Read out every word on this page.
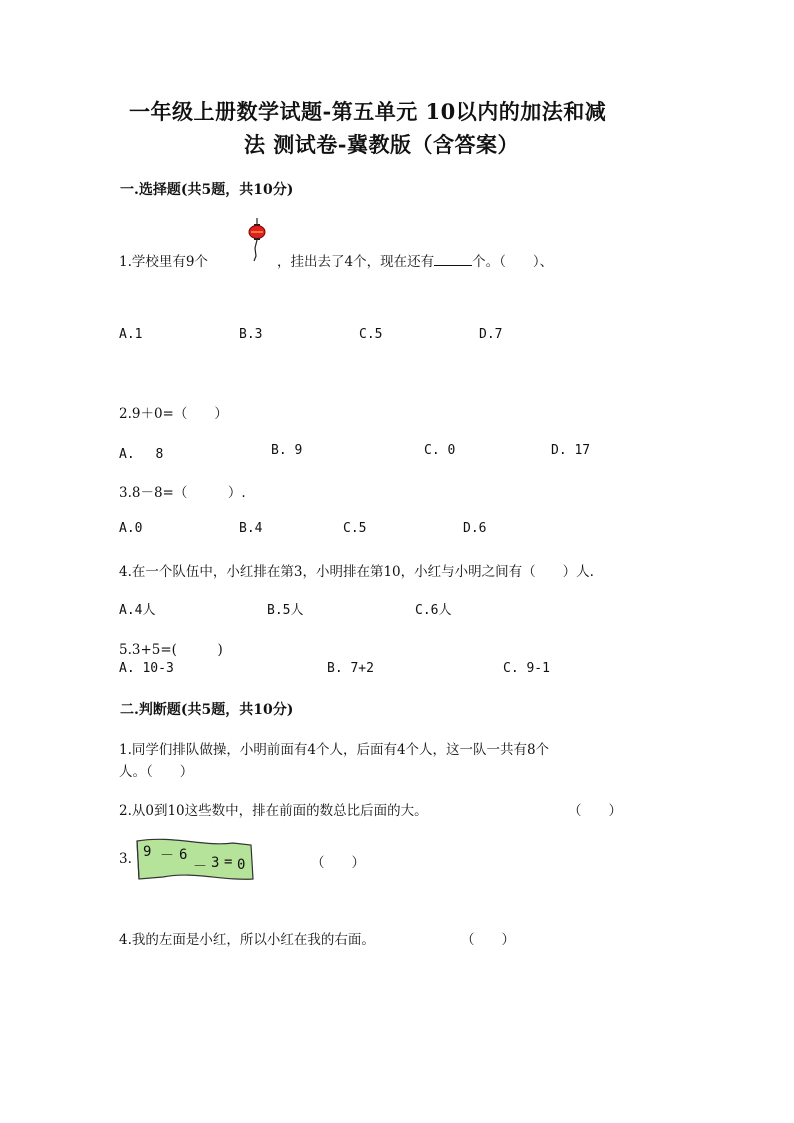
一年级上册数学试题-第五单元 10以内的加法和减
法 测试卷-冀教版（含答案）
一.选择题(共5题，共10分)
1.学校里有9个	，挂出去了4个，现在还有	个。（　　）、
A.1	B.3	C.5	D.7
2.9＋0=（　　）
A.　 8	B. 9	C. 0	D. 17
3.8－8=（　　　）.
A.0	B.4	C.5	D.6
4.在一个队伍中，小红排在第3，小明排在第10，小红与小明之间有（　　）人.
A.4人	B.5人	C.6人
5.3+5=(　　　)
A. 10-3	B. 7+2	C. 9-1
二.判断题(共5题，共10分)
1.同学们排队做操，小明前面有4个人，后面有4个人，这一队一共有8个
人。（　　）
2.从0到10这些数中，排在前面的数总比后面的大。	（　　）
3. 9 － 6
－ 3 = 0	（　　）
4.我的左面是小红，所以小红在我的右面。	（　　）
